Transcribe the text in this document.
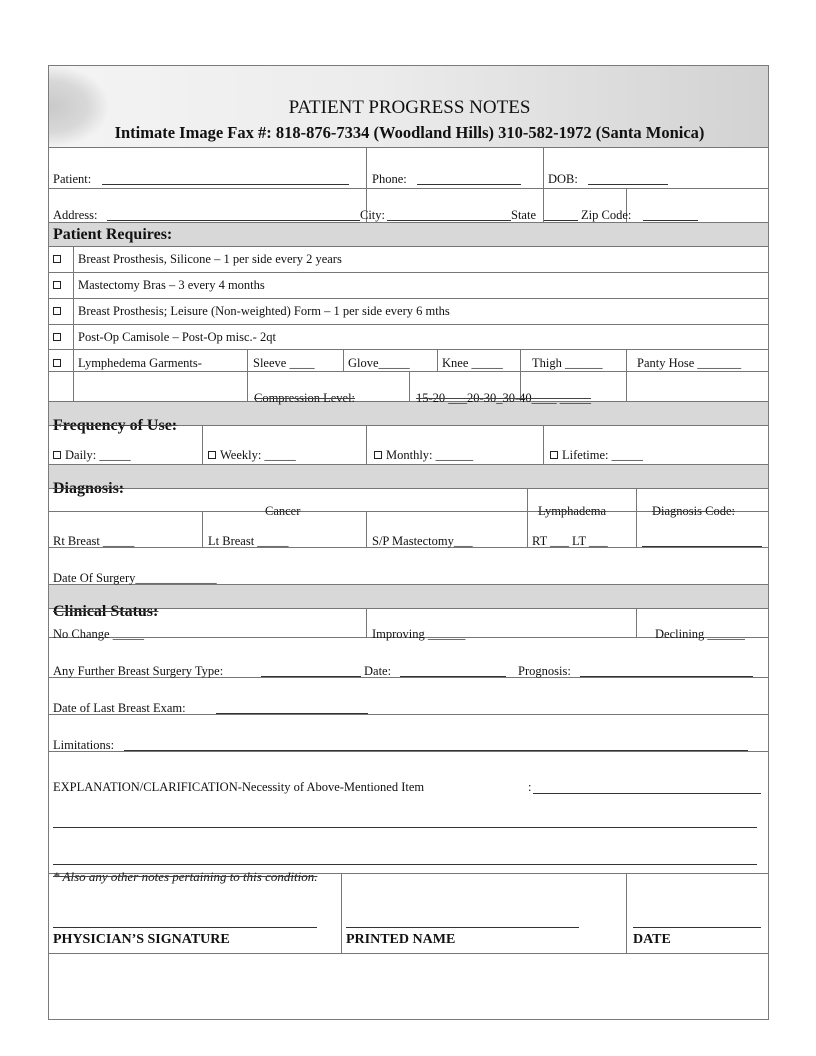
PATIENT PROGRESS NOTES
Intimate Image Fax #: 818-876-7334 (Woodland Hills) 310-582-1972 (Santa Monica)
Patient:	Phone:	DOB:
Address:	City:	State	Zip Code:
Patient Requires:
Breast Prosthesis, Silicone – 1 per side every 2 years
Mastectomy Bras – 3 every 4 months
Breast Prosthesis; Leisure (Non-weighted) Form – 1 per side every 6 mths
Post-Op Camisole – Post-Op misc.- 2qt
Lymphedema Garments-	Sleeve ____	Glove_____	Knee _____ Thigh ______	Panty Hose _______
Compression Level:	15-20 ___20-30_30-40____ _____
Frequency of Use:
Daily: _____	Weekly: _____	Monthly: ______	Lifetime: _____
Diagnosis:
Cancer	Lymphadema	Diagnosis Code:
Rt Breast _____	Lt Breast _____	S/P Mastectomy___	RT ___ LT ___
Date Of Surgery_____________
Clinical Status:
No Change _____	Improving ______	Declining ______
Any Further Breast Surgery Type:	Date:	Prognosis:
Date of Last Breast Exam:
Limitations:
EXPLANATION/CLARIFICATION-Necessity of Above-Mentioned Item	:
* Also any other notes pertaining to this condition.
PHYSICIAN’S SIGNATURE	PRINTED NAME	DATE
